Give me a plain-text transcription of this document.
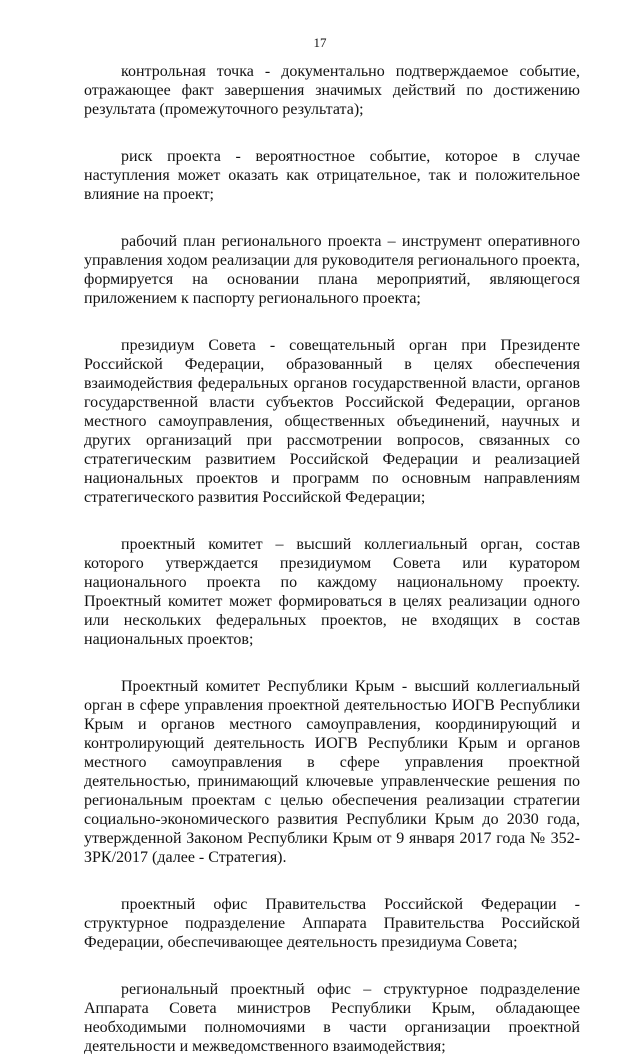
17

контрольная точка - документально подтверждаемое событие, отражающее факт завершения значимых действий по достижению результата (промежуточного результата);

риск проекта - вероятностное событие, которое в случае наступления может оказать как отрицательное, так и положительное влияние на проект;

рабочий план регионального проекта – инструмент оперативного управления ходом реализации для руководителя регионального проекта, формируется на основании плана мероприятий, являющегося приложением к паспорту регионального проекта;

президиум Совета - совещательный орган при Президенте Российской Федерации, образованный в целях обеспечения взаимодействия федеральных органов государственной власти, органов государственной власти субъектов Российской Федерации, органов местного самоуправления, общественных объединений, научных и других организаций при рассмотрении вопросов, связанных со стратегическим развитием Российской Федерации и реализацией национальных проектов и программ по основным направлениям стратегического развития Российской Федерации;

проектный комитет – высший коллегиальный орган, состав которого утверждается президиумом Совета или куратором национального проекта по каждому национальному проекту. Проектный комитет может формироваться в целях реализации одного или нескольких федеральных проектов, не входящих в состав национальных проектов;

Проектный комитет Республики Крым - высший коллегиальный орган в сфере управления проектной деятельностью ИОГВ Республики Крым и органов местного самоуправления, координирующий и контролирующий деятельность ИОГВ Республики Крым и органов местного самоуправления в сфере управления проектной деятельностью, принимающий ключевые управленческие решения по региональным проектам с целью обеспечения реализации стратегии социально-экономического развития Республики Крым до 2030 года, утвержденной Законом Республики Крым от 9 января 2017 года № 352-ЗРК/2017 (далее - Стратегия).

проектный офис Правительства Российской Федерации - структурное подразделение Аппарата Правительства Российской Федерации, обеспечивающее деятельность президиума Совета;

региональный проектный офис – структурное подразделение Аппарата Совета министров Республики Крым, обладающее необходимыми полномочиями в части организации проектной деятельности и межведомственного взаимодействия;
